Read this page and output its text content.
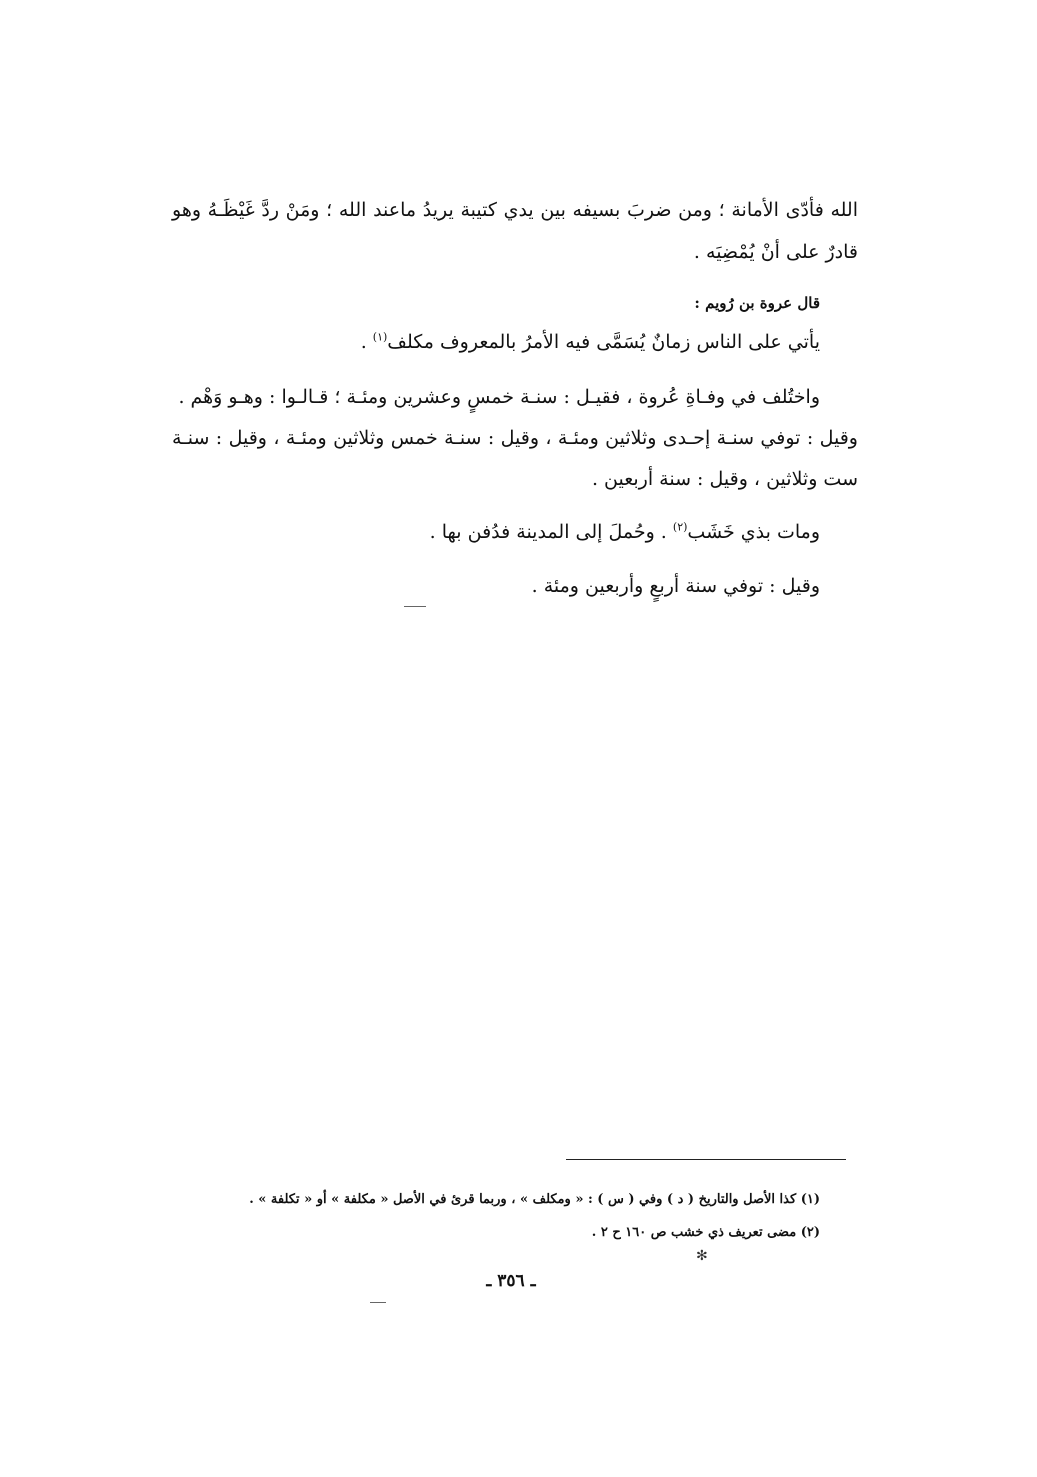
الله فأدّى الأمانة ؛ ومن ضربَ بسيفه بين يدي كتيبة يريدُ ماعند الله ؛ ومَنْ ردَّ غَيْظَـهُ وهو
قادرٌ على أنْ يُمْضِيَه .
قال عروة بن رُويم :
يأتي على الناس زمانٌ يُسَمَّى فيه الأمرُ بالمعروف مكلف$^{(١)}$ .
واختُلف في وفـاةِ عُروة ، فقيـل : سنـة خمسٍ وعشرين ومئـة ؛ قـالـوا : وهـو وَهْم .
وقيل : توفي سنـة إحـدى وثلاثين ومئـة ، وقيل : سنـة خمس وثلاثين ومئـة ، وقيل : سنـة
ست وثلاثين ، وقيل : سنة أربعين .
ومات بذي خَشَب$^{(٢)}$ . وحُملَ إلى المدينة فدُفن بها .
وقيل : توفي سنة أربعٍ وأربعين ومئة .
(١) كذا الأصل والتاريخ ( د ) وفي ( س ) : « ومكلف » ، وربما قرئ في الأصل « مكلفة » أو « تكلفة » .
(٢) مضى تعريف ذي خشب ص ١٦٠ ح ٢ .
✻
ـ ٣٥٦ ـ
